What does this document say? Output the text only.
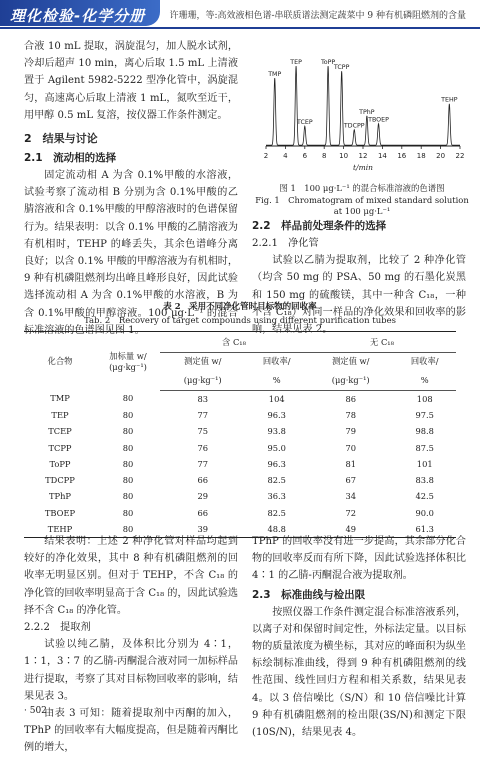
理化检验-化学分册	许珊珊，等:高效液相色谱-串联质谱法测定蔬菜中 9 种有机磷阻燃剂的含量

合液 10 mL 提取，涡旋混匀，加人脱水试剂，冷却后超声 10 min，离心后取 1.5 mL 上清液置于 Agilent 5982-5222 型净化管中，涡旋混匀，高速离心后取上清液 1 mL，氮吹至近干，用甲醇 0.5 mL 复溶，按仪器工作条件测定。

2　结果与讨论
2.1　流动相的选择

固定流动相 A 为含 0.1%甲酸的水溶液，试验考察了流动相 B 分别为含 0.1%甲酸的乙腈溶液和含 0.1%甲酸的甲醇溶液时的色谱保留行为。结果表明：以含 0.1% 甲酸的乙腈溶液为有机相时，TEHP 的峰丢失，其余色谱峰分离良好；以含 0.1% 甲酸的甲醇溶液为有机相时，9 种有机磷阻燃剂均出峰且峰形良好，因此试验选择流动相 A 为含 0.1%甲酸的水溶液，B 为含 0.1%甲酸的甲醇溶液。100 μg·L⁻¹ 的混合标准溶液的色谱图见图 1。

2 4 6 8 10 12 14 16 18 20 22
t/min
TMP
TEP
TCEP
ToPP
TCPP
TDCPP
TPhP
TBOEP
TEHP
图 1　100 μg·L⁻¹ 的混合标准溶液的色谱图
Fig. 1　Chromatogram of mixed standard solution at 100 μg·L⁻¹
2.2　样品前处理条件的选择
2.2.1　净化管

试验以乙腈为提取剂，比较了 2 种净化管（均含 50 mg 的 PSA、50 mg 的石墨化炭黑和 150 mg 的硫酸镁，其中一种含 C₁₈，一种不含 C₁₈）对同一样品的净化效果和回收率的影响，结果见表 2。

表 2　采用不同净化管时目标物的回收率
Tab. 2　Recovery of target compounds using different purification tubes
化合物	加标量 w/
(μg·kg⁻¹)	含 C₁₈		无 C₁₈	
		测定值 w/	回收率/	测定值 w/	回收率/
		(μg·kg⁻¹)	%	(μg·kg⁻¹)	%
TMP	80	83	104	86	108
TEP	80	77	96.3	78	97.5
TCEP	80	75	93.8	79	98.8
TCPP	80	76	95.0	70	87.5
ToPP	80	77	96.3	81	101
TDCPP	80	66	82.5	67	83.8
TPhP	80	29	36.3	34	42.5
TBOEP	80	66	82.5	72	90.0
TEHP	80	39	48.8	49	61.3

结果表明：上述 2 种净化管对样品均起到较好的净化效果，其中 8 种有机磷阻燃剂的回收率无明显区别。但对于 TEHP，不含 C₁₈ 的净化管的回收率明显高于含 C₁₈ 的，因此试验选择不含 C₁₈ 的净化管。

2.2.2　提取剂

试验以纯乙腈，及体积比分别为 4∶1，1∶1，3∶7 的乙腈-丙酮混合液对同一加标样品进行提取，考察了其对目标物回收率的影响，结果见表 3。

由表 3 可知：随着提取剂中丙酮的加入，TPhP 的回收率有大幅度提高，但是随着丙酮比例的增大，

TPhP 的回收率没有进一步提高，其余部分化合物的回收率反而有所下降，因此试验选择体积比 4∶1 的乙腈-丙酮混合液为提取剂。

2.3　标准曲线与检出限

按照仪器工作条件测定混合标准溶液系列，以离子对和保留时间定性，外标法定量。以目标物的质量浓度为横坐标，其对应的峰面积为纵坐标绘制标准曲线，得到 9 种有机磷阻燃剂的线性范围、线性回归方程和相关系数，结果见表 4。以 3 倍信噪比（S/N）和 10 倍信噪比计算 9 种有机磷阻燃剂的检出限(3S/N)和测定下限(10S/N)，结果见表 4。

· 502 ·
